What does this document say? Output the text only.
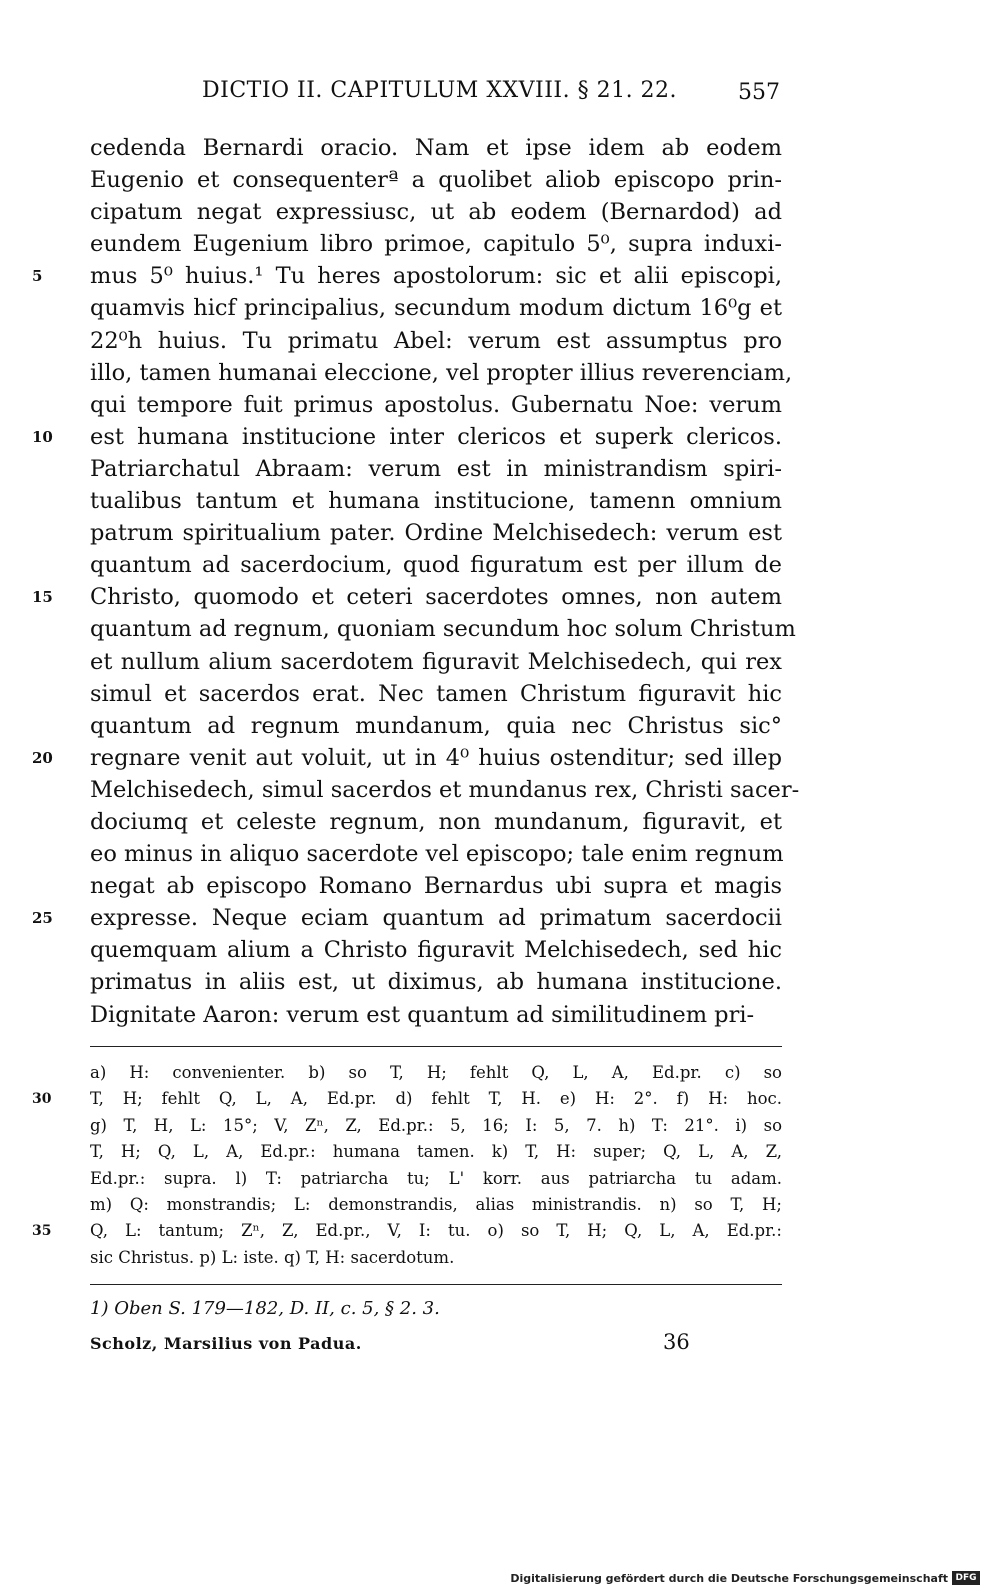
DICTIO II. CAPITULUM XXVIII. § 21. 22.	557
cedenda Bernardi oracio. Nam et ipse idem ab eodem
Eugenio et consequenterª a quolibet aliob episcopo prin-
cipatum negat expressiusc, ut ab eodem (Bernardod) ad
eundem Eugenium libro primoe, capitulo 5⁰, supra induxi-
5	mus 5⁰ huius.¹ Tu heres apostolorum: sic et alii episcopi,
quamvis hicf principalius, secundum modum dictum 16⁰g et
22⁰h huius. Tu primatu Abel: verum est assumptus pro
illo, tamen humanai eleccione, vel propter illius reverenciam,
qui tempore fuit primus apostolus. Gubernatu Noe: verum
10	est humana institucione inter clericos et superk clericos.
Patriarchatul Abraam: verum est in ministrandism spiri-
tualibus tantum et humana institucione, tamenn omnium
patrum spiritualium pater. Ordine Melchisedech: verum est
quantum ad sacerdocium, quod figuratum est per illum de
15	Christo, quomodo et ceteri sacerdotes omnes, non autem
quantum ad regnum, quoniam secundum hoc solum Christum
et nullum alium sacerdotem figuravit Melchisedech, qui rex
simul et sacerdos erat. Nec tamen Christum figuravit hic
quantum ad regnum mundanum, quia nec Christus sic°
20	regnare venit aut voluit, ut in 4⁰ huius ostenditur; sed illep
Melchisedech, simul sacerdos et mundanus rex, Christi sacer-
dociumq et celeste regnum, non mundanum, figuravit, et
eo minus in aliquo sacerdote vel episcopo; tale enim regnum
negat ab episcopo Romano Bernardus ubi supra et magis
25	expresse. Neque eciam quantum ad primatum sacerdocii
quemquam alium a Christo figuravit Melchisedech, sed hic
primatus in aliis est, ut diximus, ab humana institucione.
Dignitate Aaron: verum est quantum ad similitudinem pri-
a) H: convenienter. b) so T, H; fehlt Q, L, A, Ed.pr. c) so
30	T, H; fehlt Q, L, A, Ed.pr. d) fehlt T, H. e) H: 2°. f) H: hoc.
g) T, H, L: 15°; V, Zⁿ, Z, Ed.pr.: 5, 16; I: 5, 7. h) T: 21°. i) so
T, H; Q, L, A, Ed.pr.: humana tamen. k) T, H: super; Q, L, A, Z,
Ed.pr.: supra. l) T: patriarcha tu; L' korr. aus patriarcha tu adam.
m) Q: monstrandis; L: demonstrandis, alias ministrandis. n) so T, H;
35	Q, L: tantum; Zⁿ, Z, Ed.pr., V, I: tu. o) so T, H; Q, L, A, Ed.pr.:
sic Christus. p) L: iste. q) T, H: sacerdotum.
1) Oben S. 179—182, D. II, c. 5, § 2. 3.
Scholz, Marsilius von Padua.	36
Digitalisierung gefördert durch die Deutsche Forschungsgemeinschaft DFG
